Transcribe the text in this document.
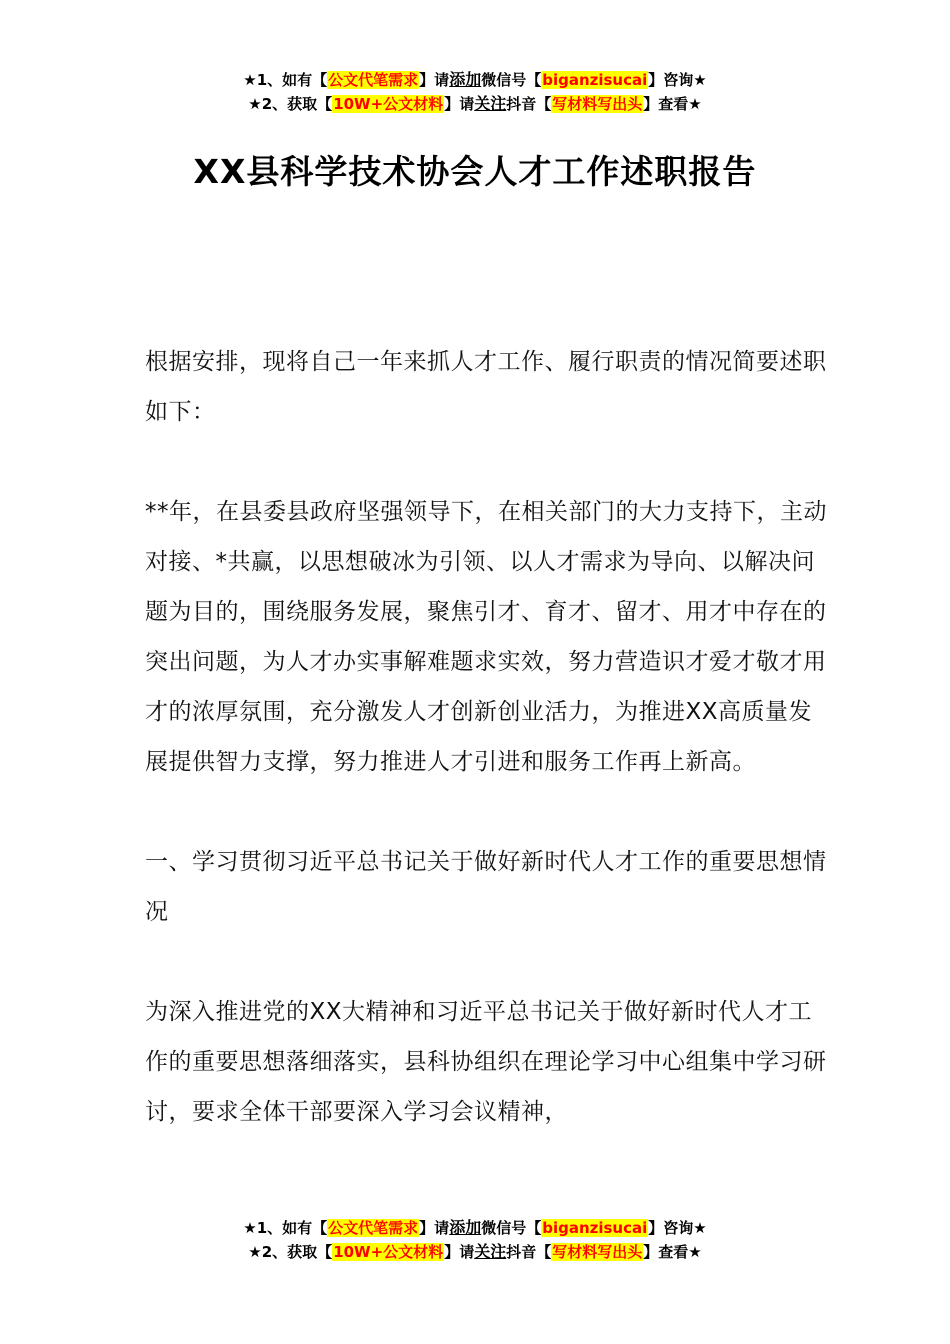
★1、如有【公文代笔需求】请添加微信号【biganzisucai】咨询★
★2、获取【10W+公文材料】请关注抖音【写材料写出头】查看★
XX县科学技术协会人才工作述职报告

根据安排，现将自己一年来抓人才工作、履行职责的情况简要述职如下：

**年，在县委县政府坚强领导下，在相关部门的大力支持下，主动对接、*共赢，以思想破冰为引领、以人才需求为导向、以解决问题为目的，围绕服务发展，聚焦引才、育才、留才、用才中存在的突出问题，为人才办实事解难题求实效，努力营造识才爱才敬才用才的浓厚氛围，充分激发人才创新创业活力，为推进XX高质量发展提供智力支撑，努力推进人才引进和服务工作再上新高。

一、学习贯彻习近平总书记关于做好新时代人才工作的重要思想情况

为深入推进党的XX大精神和习近平总书记关于做好新时代人才工作的重要思想落细落实，县科协组织在理论学习中心组集中学习研讨，要求全体干部要深入学习会议精神，

★1、如有【公文代笔需求】请添加微信号【biganzisucai】咨询★
★2、获取【10W+公文材料】请关注抖音【写材料写出头】查看★
